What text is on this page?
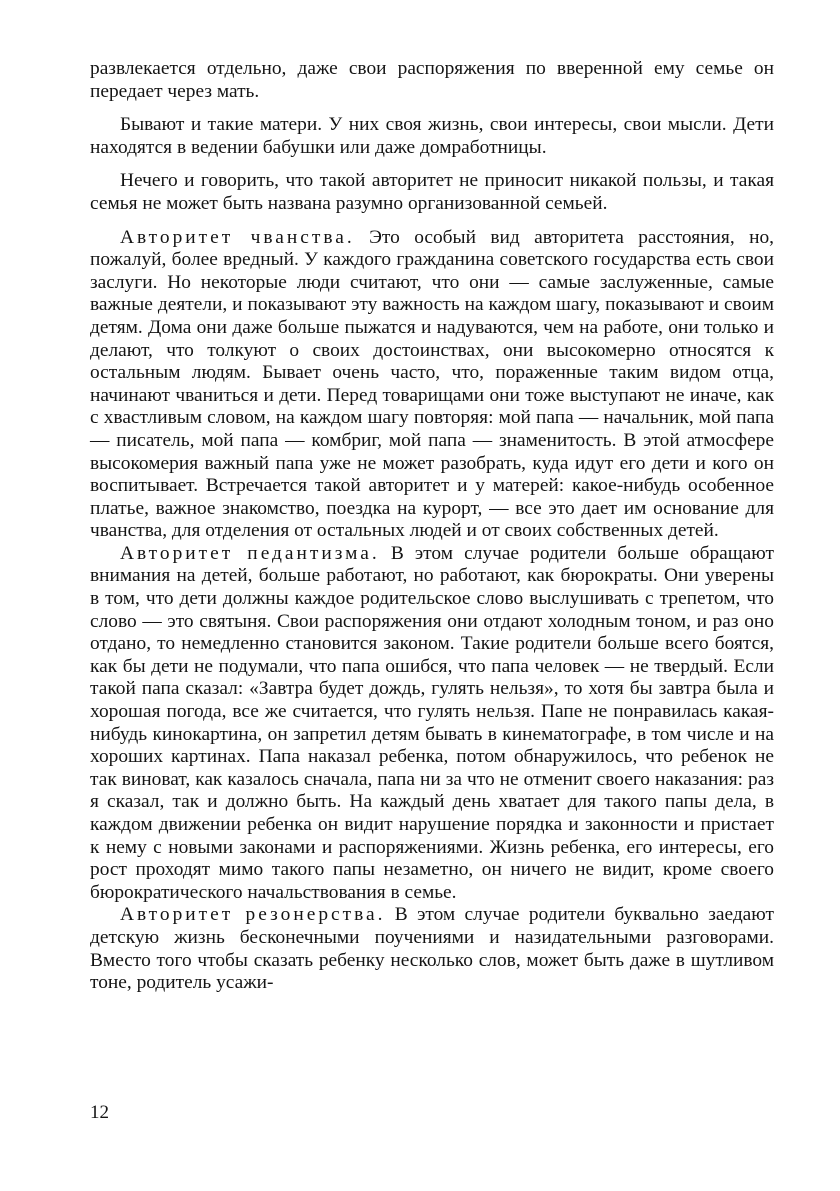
развлекается отдельно, даже свои распоряжения по вверенной ему семье он передает через мать.

Бывают и такие матери. У них своя жизнь, свои интересы, свои мысли. Дети находятся в ведении бабушки или даже домработницы.

Нечего и говорить, что такой авторитет не приносит никакой пользы, и такая семья не может быть названа разумно организованной семьей.

Авторитет чванства. Это особый вид авторитета расстояния, но, пожалуй, более вредный. У каждого гражданина советского государства есть свои заслуги. Но некоторые люди считают, что они — самые заслуженные, самые важные деятели, и показывают эту важность на каждом шагу, показывают и своим детям. Дома они даже больше пыжатся и надуваются, чем на работе, они только и делают, что толкуют о своих достоинствах, они высокомерно относятся к остальным людям. Бывает очень часто, что, пораженные таким видом отца, начинают чваниться и дети. Перед товарищами они тоже выступают не иначе, как с хвастливым словом, на каждом шагу повторяя: мой папа — начальник, мой папа — писатель, мой папа — комбриг, мой папа — знаменитость. В этой атмосфере высокомерия важный папа уже не может разобрать, куда идут его дети и кого он воспитывает. Встречается такой авторитет и у матерей: какое-нибудь особенное платье, важное знакомство, поездка на курорт, — все это дает им основание для чванства, для отделения от остальных людей и от своих собственных детей.

Авторитет педантизма. В этом случае родители больше обращают внимания на детей, больше работают, но работают, как бюрократы. Они уверены в том, что дети должны каждое родительское слово выслушивать с трепетом, что слово — это святыня. Свои распоряжения они отдают холодным тоном, и раз оно отдано, то немедленно становится законом. Такие родители больше всего боятся, как бы дети не подумали, что папа ошибся, что папа человек — не твердый. Если такой папа сказал: «Завтра будет дождь, гулять нельзя», то хотя бы завтра была и хорошая погода, все же считается, что гулять нельзя. Папе не понравилась какая-нибудь кинокартина, он запретил детям бывать в кинематографе, в том числе и на хороших картинах. Папа наказал ребенка, потом обнаружилось, что ребенок не так виноват, как казалось сначала, папа ни за что не отменит своего наказания: раз я сказал, так и должно быть. На каждый день хватает для такого папы дела, в каждом движении ребенка он видит нарушение порядка и законности и пристает к нему с новыми законами и распоряжениями. Жизнь ребенка, его интересы, его рост проходят мимо такого папы незаметно, он ничего не видит, кроме своего бюрократического начальствования в семье.

Авторитет резонерства. В этом случае родители буквально заедают детскую жизнь бесконечными поучениями и назидательными разговорами. Вместо того чтобы сказать ребенку несколько слов, может быть даже в шутливом тоне, родитель усажи-

12
